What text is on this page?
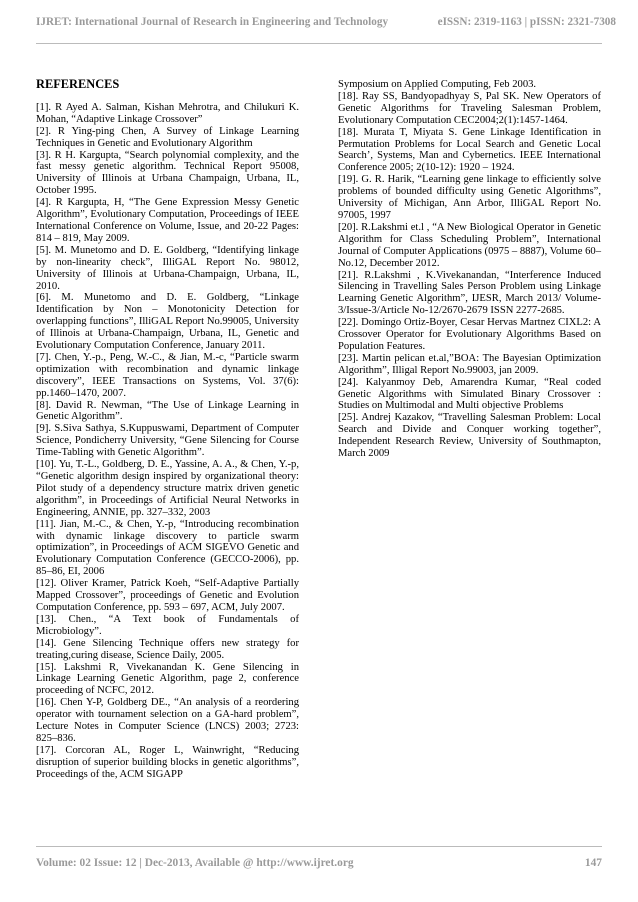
IJRET: International Journal of Research in Engineering and Technology	eISSN: 2319-1163 | pISSN: 2321-7308
REFERENCES
[1]. R Ayed A. Salman, Kishan Mehrotra, and Chilukuri K. Mohan, “Adaptive Linkage Crossover”
[2]. R Ying-ping Chen, A Survey of Linkage Learning Techniques in Genetic and Evolutionary Algorithm
[3]. R H. Kargupta, “Search polynomial complexity, and the fast messy genetic algorithm. Technical Report 95008, University of Illinois at Urbana Champaign, Urbana, IL, October 1995.
[4]. R Kargupta, H, “The Gene Expression Messy Genetic Algorithm”, Evolutionary Computation, Proceedings of IEEE International Conference on Volume, Issue, and 20-22 Pages: 814 – 819, May 2009.
[5]. M. Munetomo and D. E. Goldberg, “Identifying linkage by non-linearity check”, IlliGAL Report No. 98012, University of Illinois at Urbana-Champaign, Urbana, IL, 2010.
[6]. M. Munetomo and D. E. Goldberg, “Linkage Identification by Non – Monotonicity Detection for overlapping functions”, IlliGAL Report No.99005, University of Illinois at Urbana-Champaign, Urbana, IL, Genetic and Evolutionary Computation Conference, January 2011.
[7]. Chen, Y.-p., Peng, W.-C., & Jian, M.-c, “Particle swarm optimization with recombination and dynamic linkage discovery”, IEEE Transactions on Systems, Vol. 37(6): pp.1460–1470, 2007.
[8]. David R. Newman, “The Use of Linkage Learning in Genetic Algorithm”.
[9]. S.Siva Sathya, S.Kuppuswami, Department of Computer Science, Pondicherry University, “Gene Silencing for Course Time-Tabling with Genetic Algorithm”.
[10]. Yu, T.-L., Goldberg, D. E., Yassine, A. A., & Chen, Y.-p, “Genetic algorithm design inspired by organizational theory: Pilot study of a dependency structure matrix driven genetic algorithm”, in Proceedings of Artificial Neural Networks in Engineering, ANNIE, pp. 327–332, 2003
[11]. Jian, M.-C., & Chen, Y.-p, “Introducing recombination with dynamic linkage discovery to particle swarm optimization”, in Proceedings of ACM SIGEVO Genetic and Evolutionary Computation Conference (GECCO-2006), pp. 85–86, EI, 2006
[12]. Oliver Kramer, Patrick Koeh, “Self-Adaptive Partially Mapped Crossover”, proceedings of Genetic and Evolution Computation Conference, pp. 593 – 697, ACM, July 2007.
[13]. Chen., “A Text book of Fundamentals of Microbiology”.
[14]. Gene Silencing Technique offers new strategy for treating,curing disease, Science Daily, 2005.
[15]. Lakshmi R, Vivekanandan K. Gene Silencing in Linkage Learning Genetic Algorithm, page 2, conference proceeding of NCFC, 2012.
[16]. Chen Y-P, Goldberg DE., “An analysis of a reordering operator with tournament selection on a GA-hard problem”, Lecture Notes in Computer Science (LNCS) 2003; 2723: 825–836.
[17]. Corcoran AL, Roger L, Wainwright, “Reducing disruption of superior building blocks in genetic algorithms”, Proceedings of the, ACM SIGAPP
Symposium on Applied Computing, Feb 2003.
[18]. Ray SS, Bandyopadhyay S, Pal SK. New Operators of Genetic Algorithms for Traveling Salesman Problem, Evolutionary Computation CEC2004;2(1):1457-1464.
[18]. Murata T, Miyata S. Gene Linkage Identification in Permutation Problems for Local Search and Genetic Local Search’, Systems, Man and Cybernetics. IEEE International Conference 2005; 2(10-12): 1920 – 1924.
[19]. G. R. Harik, “Learning gene linkage to efficiently solve problems of bounded difficulty using Genetic Algorithms”, University of Michigan, Ann Arbor, IlliGAL Report No. 97005, 1997
[20]. R.Lakshmi et.l , “A New Biological Operator in Genetic Algorithm for Class Scheduling Problem”, International Journal of Computer Applications (0975 – 8887), Volume 60– No.12, December 2012.
[21]. R.Lakshmi , K.Vivekanandan, “Interference Induced Silencing in Travelling Sales Person Problem using Linkage Learning Genetic Algorithm”, IJESR, March 2013/ Volume-3/Issue-3/Article No-12/2670-2679 ISSN 2277-2685.
[22]. Domingo Ortiz-Boyer, Cesar Hervas Martnez CIXL2: A Crossover Operator for Evolutionary Algorithms Based on Population Features.
[23]. Martin pelican et.al,”BOA: The Bayesian Optimization Algorithm”, Illigal Report No.99003, jan 2009.
[24]. Kalyanmoy Deb, Amarendra Kumar, “Real coded Genetic Algorithms with Simulated Binary Crossover : Studies on Multimodal and Multi objective Problems
[25]. Andrej Kazakov, “Travelling Salesman Problem: Local Search and Divide and Conquer working together”, Independent Research Review, University of Southmapton, March 2009
Volume: 02 Issue: 12 | Dec-2013, Available @ http://www.ijret.org	147
